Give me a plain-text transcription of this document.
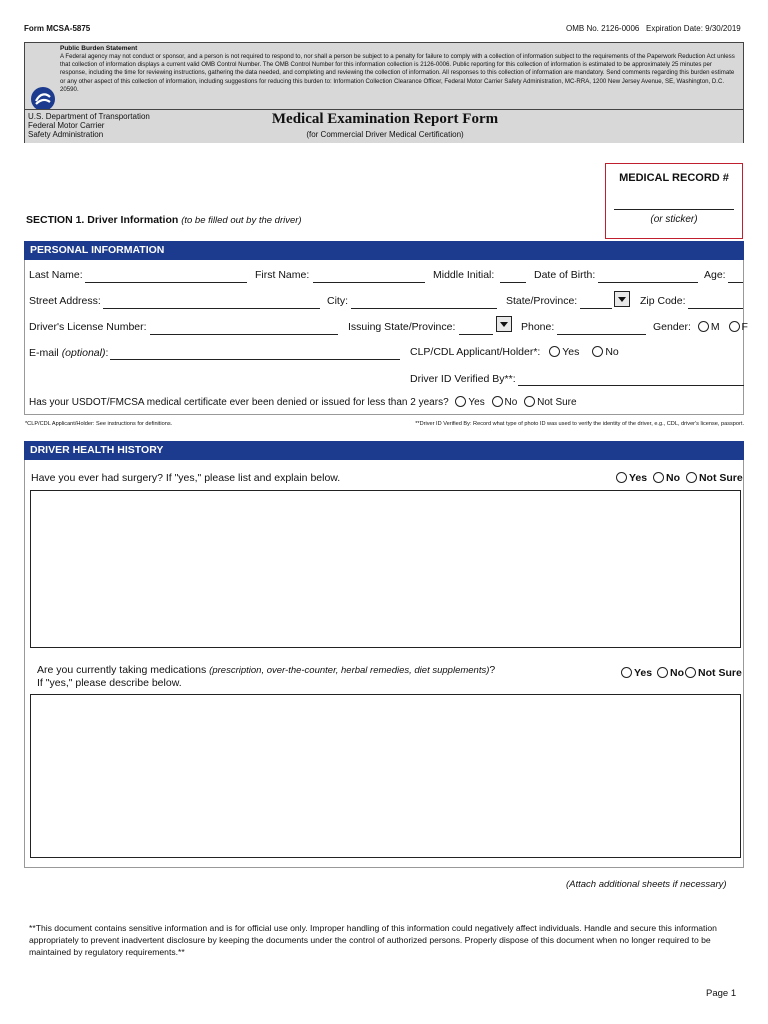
Form MCSA-5875	OMB No. 2126-0006 Expiration Date: 9/30/2019
Public Burden Statement
A Federal agency may not conduct or sponsor, and a person is not required to respond to, nor shall a person be subject to a penalty for failure to comply with a collection of information subject to the requirements of the Paperwork Reduction Act unless that collection of information displays a current valid OMB Control Number. The OMB Control Number for this information collection is 2126-0006. Public reporting for this collection of information is estimated to be approximately 25 minutes per response, including the time for reviewing instructions, gathering the data needed, and completing and reviewing the collection of information. All responses to this collection of information are mandatory. Send comments regarding this burden estimate or any other aspect of this collection of information, including suggestions for reducing this burden to: Information Collection Clearance Officer, Federal Motor Carrier Safety Administration, MC-RRA, 1200 New Jersey Avenue, SE, Washington, D.C. 20590.
U.S. Department of Transportation
Federal Motor Carrier
Safety Administration
Medical Examination Report Form
(for Commercial Driver Medical Certification)
MEDICAL RECORD #
(or sticker)
SECTION 1. Driver Information (to be filled out by the driver)
PERSONAL INFORMATION
Last Name:	First Name:	Middle Initial:	Date of Birth:	Age:
Street Address:	City:	State/Province:	Zip Code:
Driver's License Number:	Issuing State/Province:	Phone:	Gender: M F
E-mail (optional):	CLP/CDL Applicant/Holder*: Yes No
Driver ID Verified By**:
Has your USDOT/FMCSA medical certificate ever been denied or issued for less than 2 years? Yes No Not Sure
*CLP/CDL Applicant/Holder: See instructions for definitions.	**Driver ID Verified By: Record what type of photo ID was used to verify the identity of the driver, e.g., CDL, driver's license, passport.
DRIVER HEALTH HISTORY
Have you ever had surgery? If "yes," please list and explain below.	Yes No Not Sure
Are you currently taking medications (prescription, over-the-counter, herbal remedies, diet supplements)?
If "yes," please describe below.
Yes No Not Sure
(Attach additional sheets if necessary)
**This document contains sensitive information and is for official use only. Improper handling of this information could negatively affect individuals. Handle and secure this information appropriately to prevent inadvertent disclosure by keeping the documents under the control of authorized persons. Properly dispose of this document when no longer required to be maintained by regulatory requirements.**
Page 1
